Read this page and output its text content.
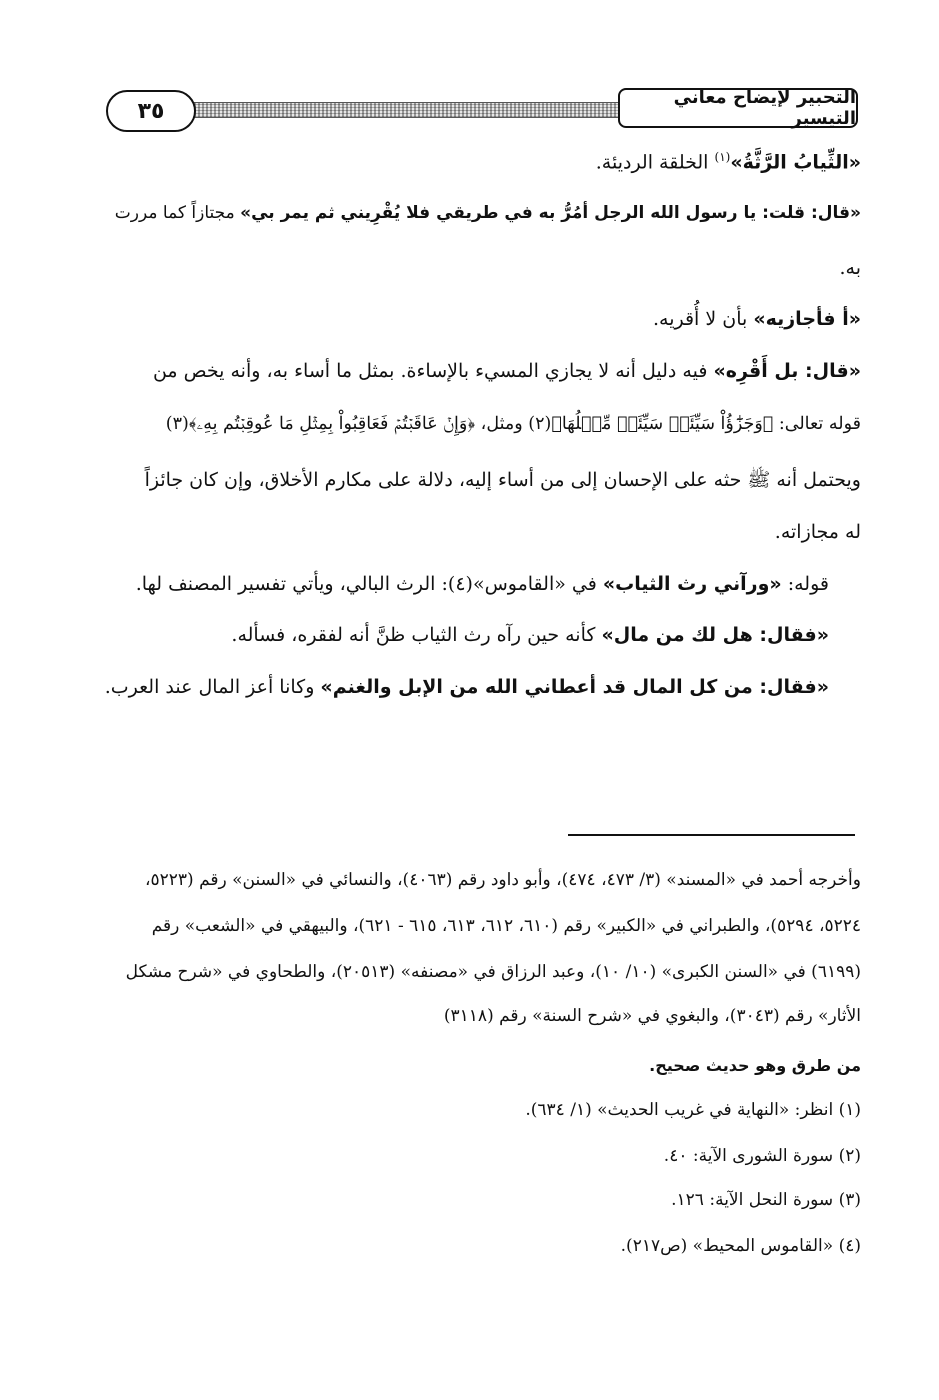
٣٥
التحبير لإيضاح معاني التيسير
«الثِّيابُ الرَّثَّةُ»$^{(١)}$ الخلقة الرديئة.
«قال: قلت: يا رسول الله الرجل أمُرُّ به في طريقي فلا يُقْرِيني ثم يمر بي» مجتازاً كما مررت
به.
«أ فأجازيه» بأن لا أُقريه.
«قال: بل أَقْرِه» فيه دليل أنه لا يجازي المسيء بالإساءة. بمثل ما أساء به، وأنه يخص من
قوله تعالى: ﴿وَجَزَٰٓؤُاْ سَيِّئَةٖ سَيِّئَةٞ مِّثۡلُهَا﴾(٢) ومثل، ﴿وَإِنۡ عَاقَبۡتُمۡ فَعَاقِبُواْ بِمِثۡلِ مَا عُوقِبۡتُم بِهِۦ﴾(٣)
ويحتمل أنه ﷺ حثه على الإحسان إلى من أساء إليه، دلالة على مكارم الأخلاق، وإن كان جائزاً
له مجازاته.
قوله: «ورآني رث الثياب» في «القاموس»(٤): الرث البالي، ويأتي تفسير المصنف لها.
«فقال: هل لك من مال» كأنه حين رآه رث الثياب ظنَّ أنه لفقره، فسأله.
«فقال: من كل المال قد أعطاني الله من الإبل والغنم» وكانا أعز المال عند العرب.
وأخرجه أحمد في «المسند» (٣/ ٤٧٣، ٤٧٤)، وأبو داود رقم (٤٠٦٣)، والنسائي في «السنن» رقم (٥٢٢٣،
٥٢٢٤، ٥٢٩٤)، والطبراني في «الكبير» رقم (٦١٠، ٦١٢، ٦١٣، ٦١٥ - ٦٢١)، والبيهقي في «الشعب» رقم
(٦١٩٩) في «السنن الكبرى» (١٠/ ١٠)، وعبد الرزاق في «مصنفه» (٢٠٥١٣)، والطحاوي في «شرح مشكل
الأثار» رقم (٣٠٤٣)، والبغوي في «شرح السنة» رقم (٣١١٨)
من طرق وهو حديث صحيح.
(١) انظر: «النهاية في غريب الحديث» (١/ ٦٣٤).
(٢) سورة الشورى الآية: ٤٠.
(٣) سورة النحل الآية: ١٢٦.
(٤) «القاموس المحيط» (ص٢١٧).
